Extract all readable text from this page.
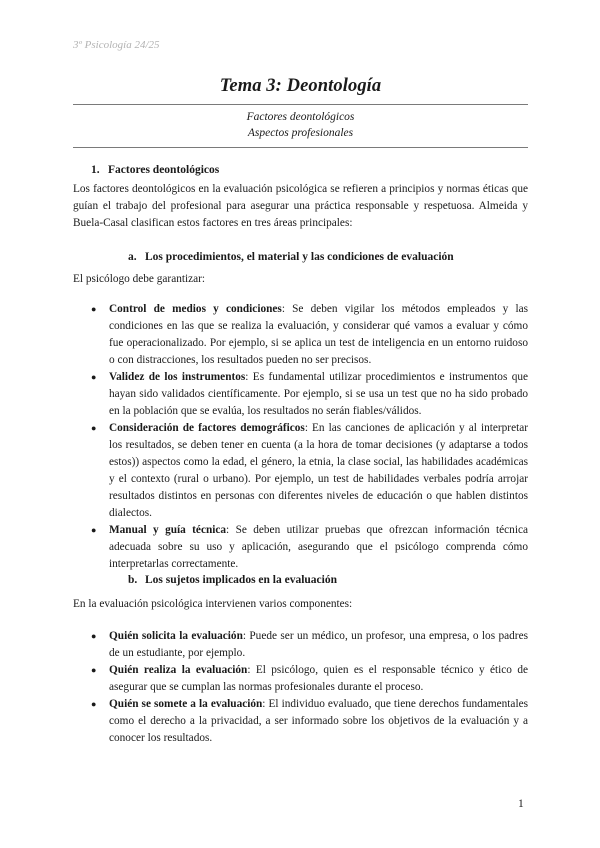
3º Psicología 24/25
Tema 3: Deontología
Factores deontológicos
Aspectos profesionales
1. Factores deontológicos
Los factores deontológicos en la evaluación psicológica se refieren a principios y normas éticas que guían el trabajo del profesional para asegurar una práctica responsable y respetuosa. Almeida y Buela-Casal clasifican estos factores en tres áreas principales:
a. Los procedimientos, el material y las condiciones de evaluación
El psicólogo debe garantizar:
● Control de medios y condiciones: Se deben vigilar los métodos empleados y las condiciones en las que se realiza la evaluación, y considerar qué vamos a evaluar y cómo fue operacionalizado. Por ejemplo, si se aplica un test de inteligencia en un entorno ruidoso o con distracciones, los resultados pueden no ser precisos.
● Validez de los instrumentos: Es fundamental utilizar procedimientos e instrumentos que hayan sido validados científicamente. Por ejemplo, si se usa un test que no ha sido probado en la población que se evalúa, los resultados no serán fiables/válidos.
● Consideración de factores demográficos: En las canciones de aplicación y al interpretar los resultados, se deben tener en cuenta (a la hora de tomar decisiones (y adaptarse a todos estos)) aspectos como la edad, el género, la etnia, la clase social, las habilidades académicas y el contexto (rural o urbano). Por ejemplo, un test de habilidades verbales podría arrojar resultados distintos en personas con diferentes niveles de educación o que hablen distintos dialectos.
● Manual y guía técnica: Se deben utilizar pruebas que ofrezcan información técnica adecuada sobre su uso y aplicación, asegurando que el psicólogo comprenda cómo interpretarlas correctamente.
b. Los sujetos implicados en la evaluación
En la evaluación psicológica intervienen varios componentes:
● Quién solicita la evaluación: Puede ser un médico, un profesor, una empresa, o los padres de un estudiante, por ejemplo.
● Quién realiza la evaluación: El psicólogo, quien es el responsable técnico y ético de asegurar que se cumplan las normas profesionales durante el proceso.
● Quién se somete a la evaluación: El individuo evaluado, que tiene derechos fundamentales como el derecho a la privacidad, a ser informado sobre los objetivos de la evaluación y a conocer los resultados.
1
